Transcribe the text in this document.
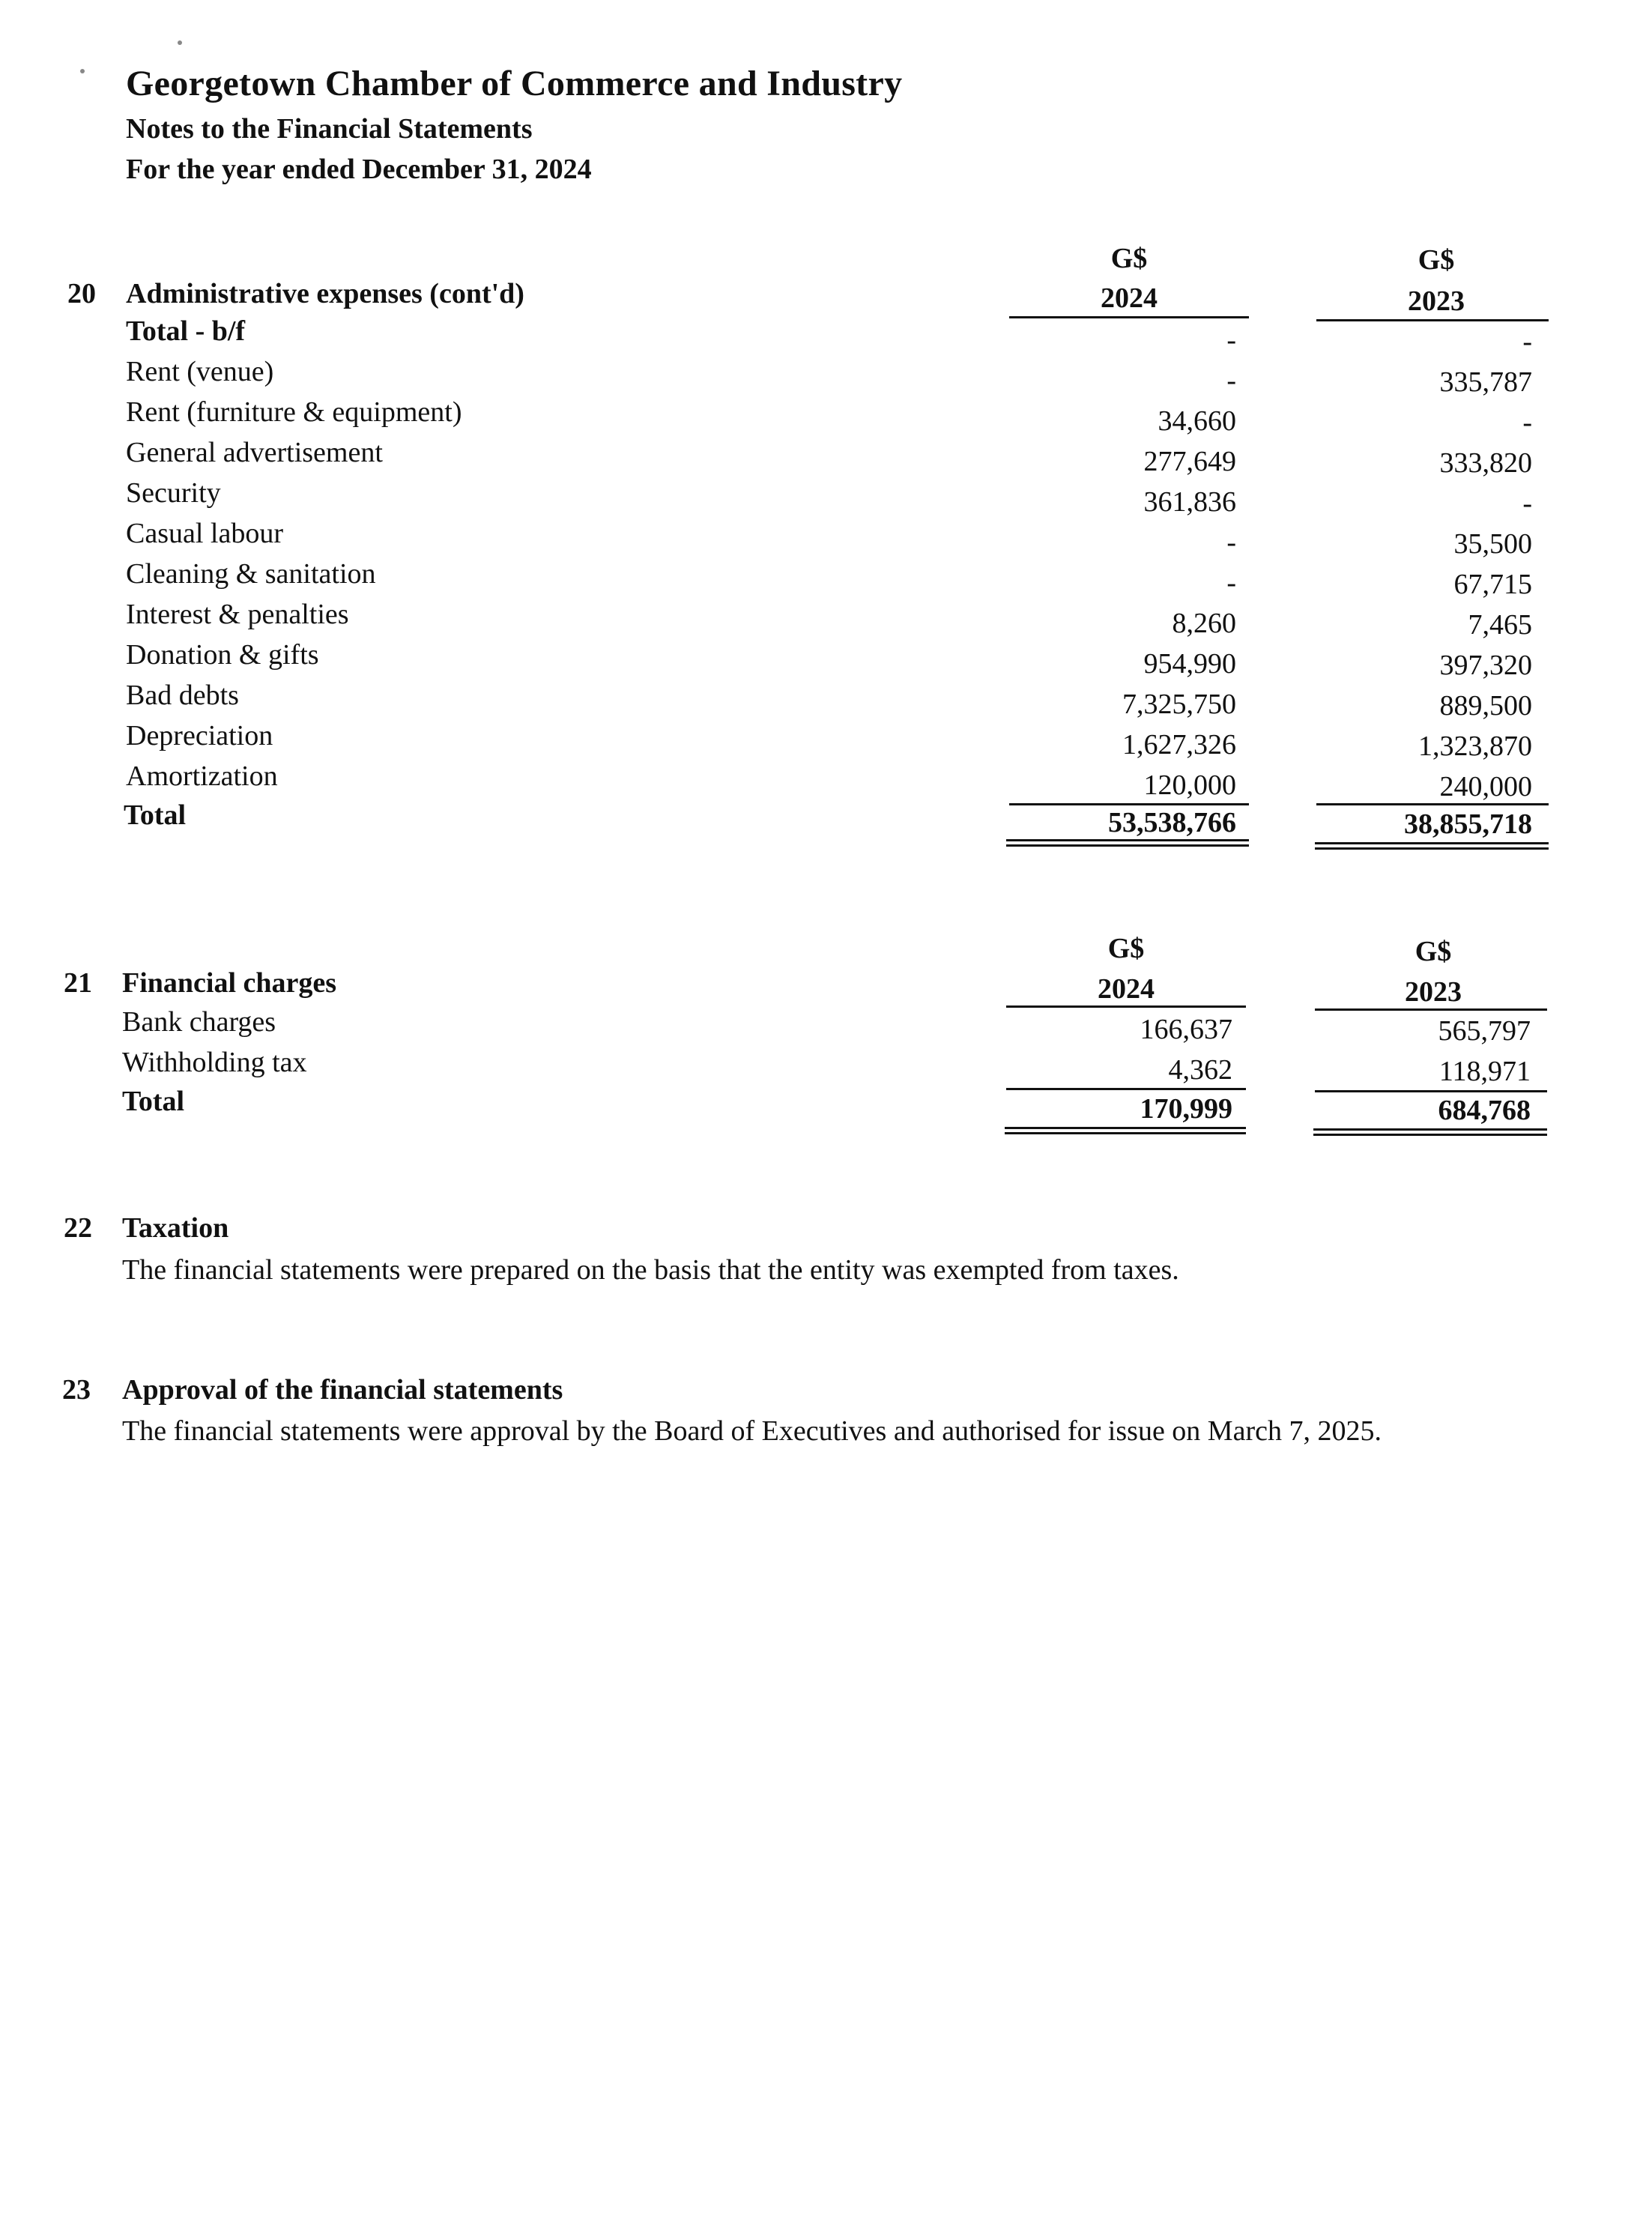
Georgetown Chamber of Commerce and Industry
Notes to the Financial Statements
For the year ended December 31, 2024
G$	G$
20 Administrative expenses (cont'd)	2024	2023
Total - b/f	-	-
Rent (venue)	-	335,787
Rent (furniture & equipment)	34,660	-
General advertisement	277,649	333,820
Security	361,836	-
Casual labour	-	35,500
Cleaning & sanitation	-	67,715
Interest & penalties	8,260	7,465
Donation & gifts	954,990	397,320
Bad debts	7,325,750	889,500
Depreciation	1,627,326	1,323,870
Amortization	120,000	240,000
Total	53,538,766	38,855,718
G$	G$
21 Financial charges	2024	2023
Bank charges	166,637	565,797
Withholding tax	4,362	118,971
Total	170,999	684,768
22 Taxation
The financial statements were prepared on the basis that the entity was exempted from taxes.
23 Approval of the financial statements
The financial statements were approval by the Board of Executives and authorised for issue on March 7, 2025.
